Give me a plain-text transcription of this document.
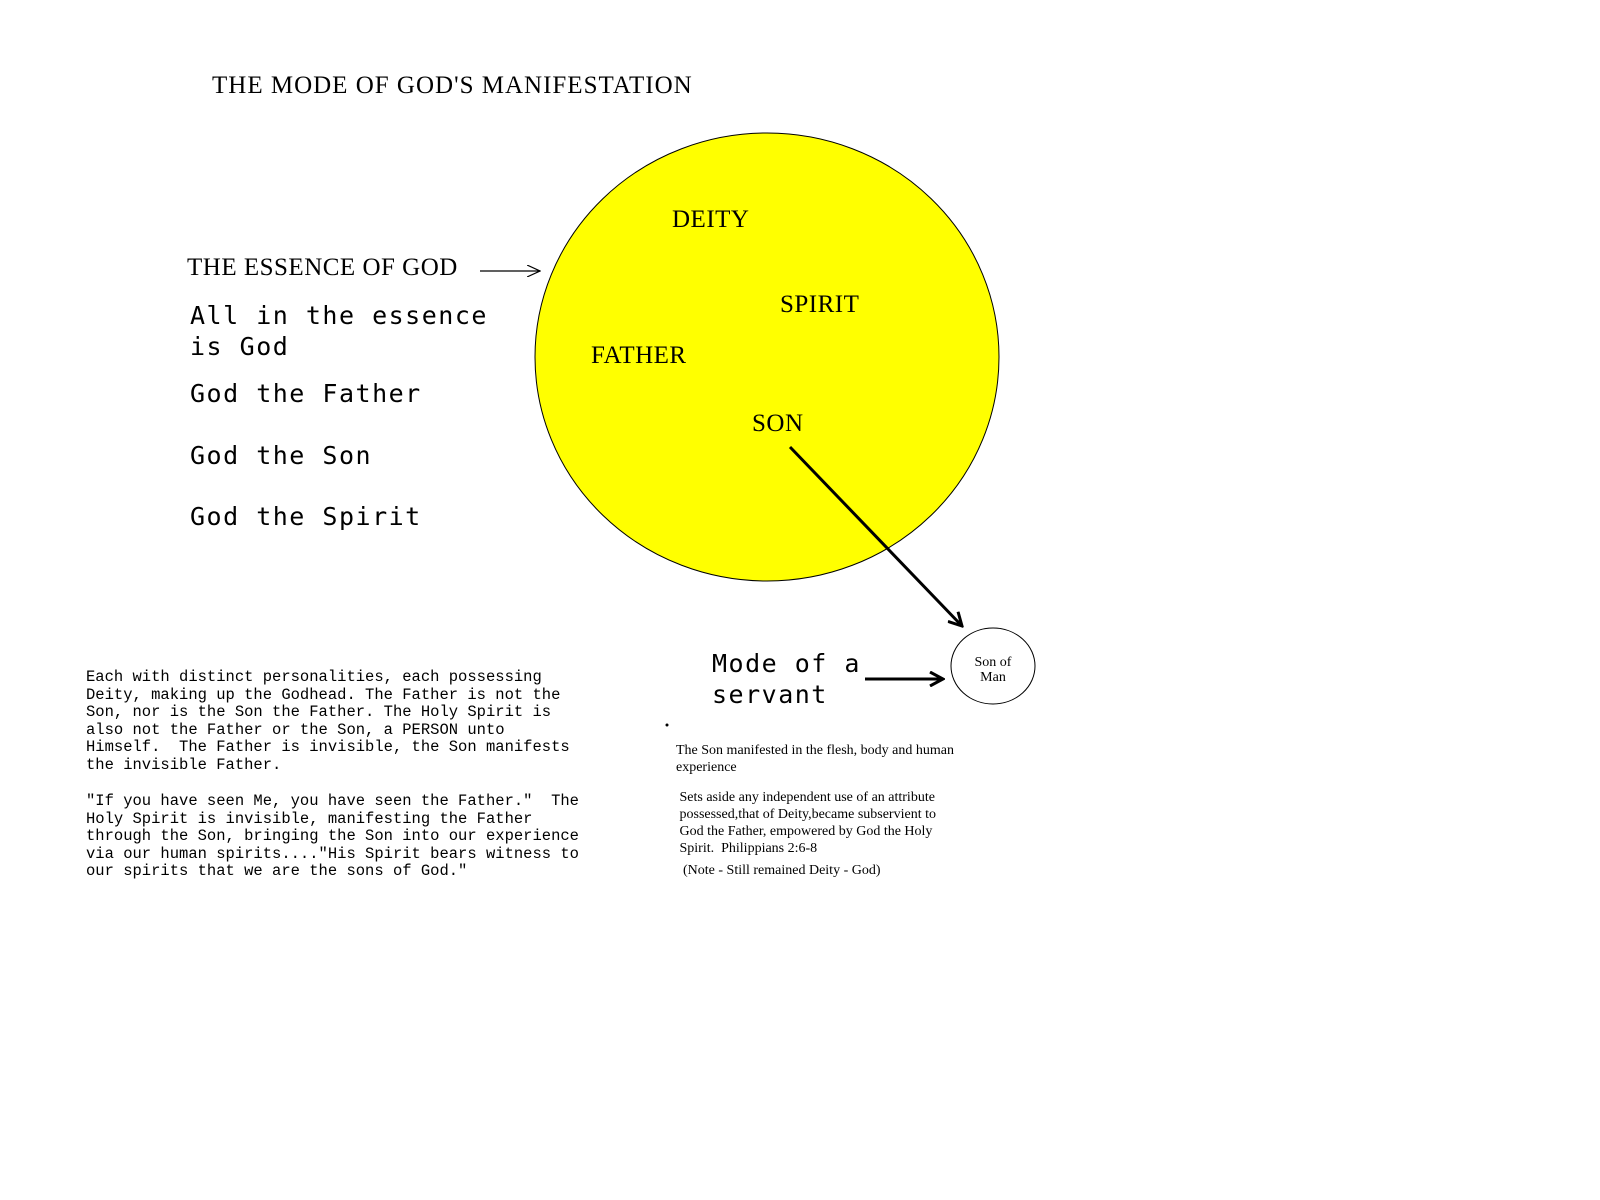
THE MODE OF GOD'S MANIFESTATION
THE ESSENCE OF GOD
All in the essence
is God
God the Father
God the Son
God the Spirit
DEITY
SPIRIT
FATHER
SON
Mode of a
servant
Son of
Man
Each with distinct personalities, each possessing
Deity, making up the Godhead. The Father is not the
Son, nor is the Son the Father. The Holy Spirit is
also not the Father or the Son, a PERSON unto
Himself.  The Father is invisible, the Son manifests
the invisible Father.
"If you have seen Me, you have seen the Father."  The
Holy Spirit is invisible, manifesting the Father
through the Son, bringing the Son into our experience
via our human spirits...."His Spirit bears witness to
our spirits that we are the sons of God."
The Son manifested in the flesh, body and human
experience
Sets aside any independent use of an attribute
possessed,that of Deity,became subservient to
God the Father, empowered by God the Holy
Spirit.  Philippians 2:6-8
(Note - Still remained Deity - God)
